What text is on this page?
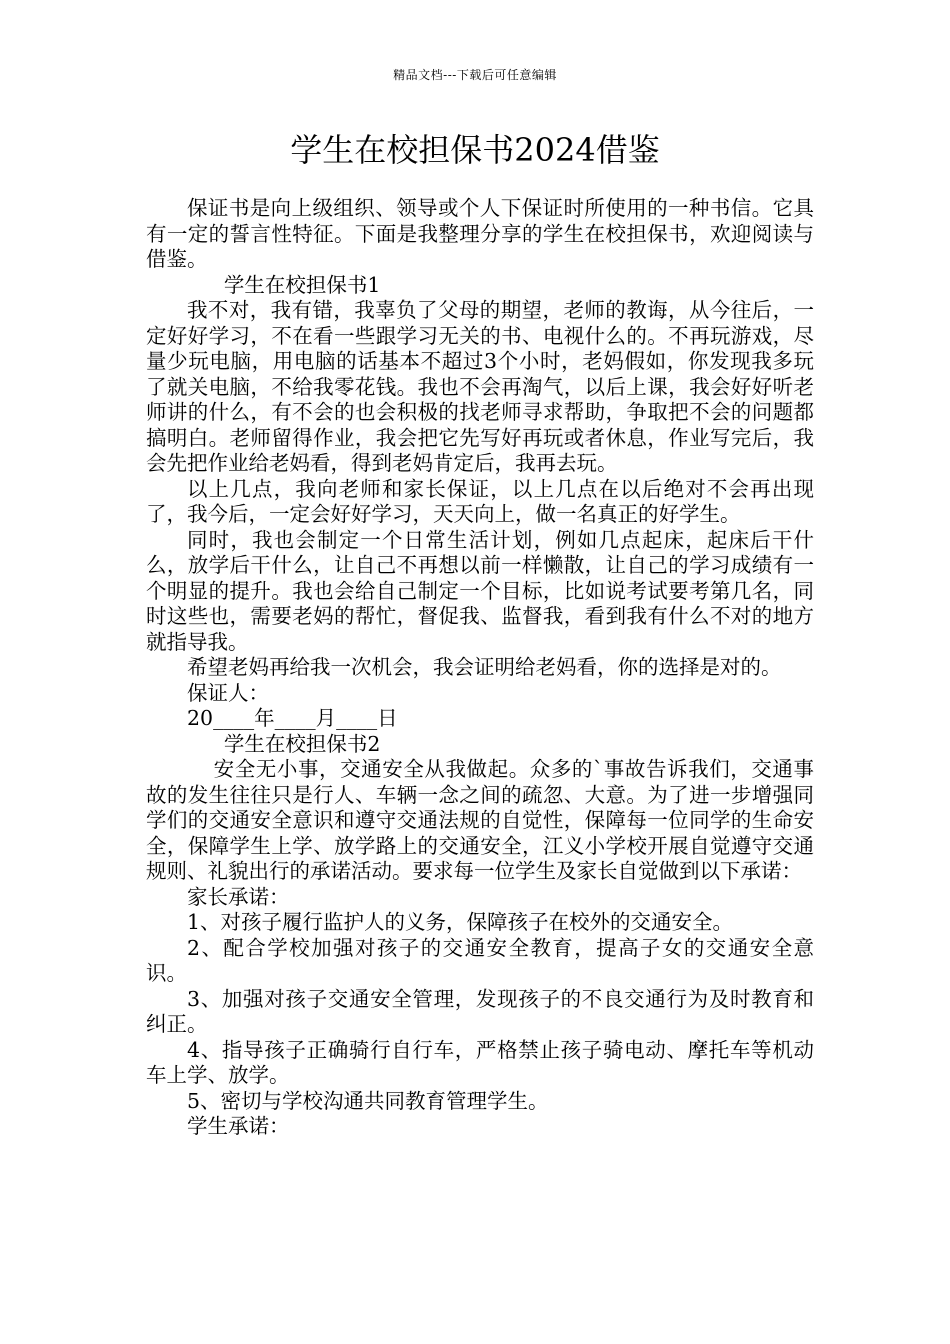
精品文档---下载后可任意编辑
学生在校担保书2024借鉴

保证书是向上级组织、领导或个人下保证时所使用的一种书信。它具有一定的誓言性特征。下面是我整理分享的学生在校担保书，欢迎阅读与借鉴。

学生在校担保书1

我不对，我有错，我辜负了父母的期望，老师的教诲，从今往后，一定好好学习，不在看一些跟学习无关的书、电视什么的。不再玩游戏，尽量少玩电脑，用电脑的话基本不超过3个小时，老妈假如，你发现我多玩了就关电脑，不给我零花钱。我也不会再淘气，以后上课，我会好好听老师讲的什么，有不会的也会积极的找老师寻求帮助，争取把不会的问题都搞明白。老师留得作业，我会把它先写好再玩或者休息，作业写完后，我会先把作业给老妈看，得到老妈肯定后，我再去玩。

以上几点，我向老师和家长保证，以上几点在以后绝对不会再出现了，我今后，一定会好好学习，天天向上，做一名真正的好学生。

同时，我也会制定一个日常生活计划，例如几点起床，起床后干什么，放学后干什么，让自己不再想以前一样懒散，让自己的学习成绩有一个明显的提升。我也会给自己制定一个目标，比如说考试要考第几名，同时这些也，需要老妈的帮忙，督促我、监督我，看到我有什么不对的地方就指导我。

希望老妈再给我一次机会，我会证明给老妈看，你的选择是对的。

保证人：

20____年____月____日

学生在校担保书2

安全无小事，交通安全从我做起。众多的`事故告诉我们，交通事故的发生往往只是行人、车辆一念之间的疏忽、大意。为了进一步增强同学们的交通安全意识和遵守交通法规的自觉性，保障每一位同学的生命安全，保障学生上学、放学路上的交通安全，江义小学校开展自觉遵守交通规则、礼貌出行的承诺活动。要求每一位学生及家长自觉做到以下承诺：

家长承诺：

1、对孩子履行监护人的义务，保障孩子在校外的交通安全。

2、配合学校加强对孩子的交通安全教育，提高子女的交通安全意识。

3、加强对孩子交通安全管理，发现孩子的不良交通行为及时教育和纠正。

4、指导孩子正确骑行自行车，严格禁止孩子骑电动、摩托车等机动车上学、放学。

5、密切与学校沟通共同教育管理学生。

学生承诺：
